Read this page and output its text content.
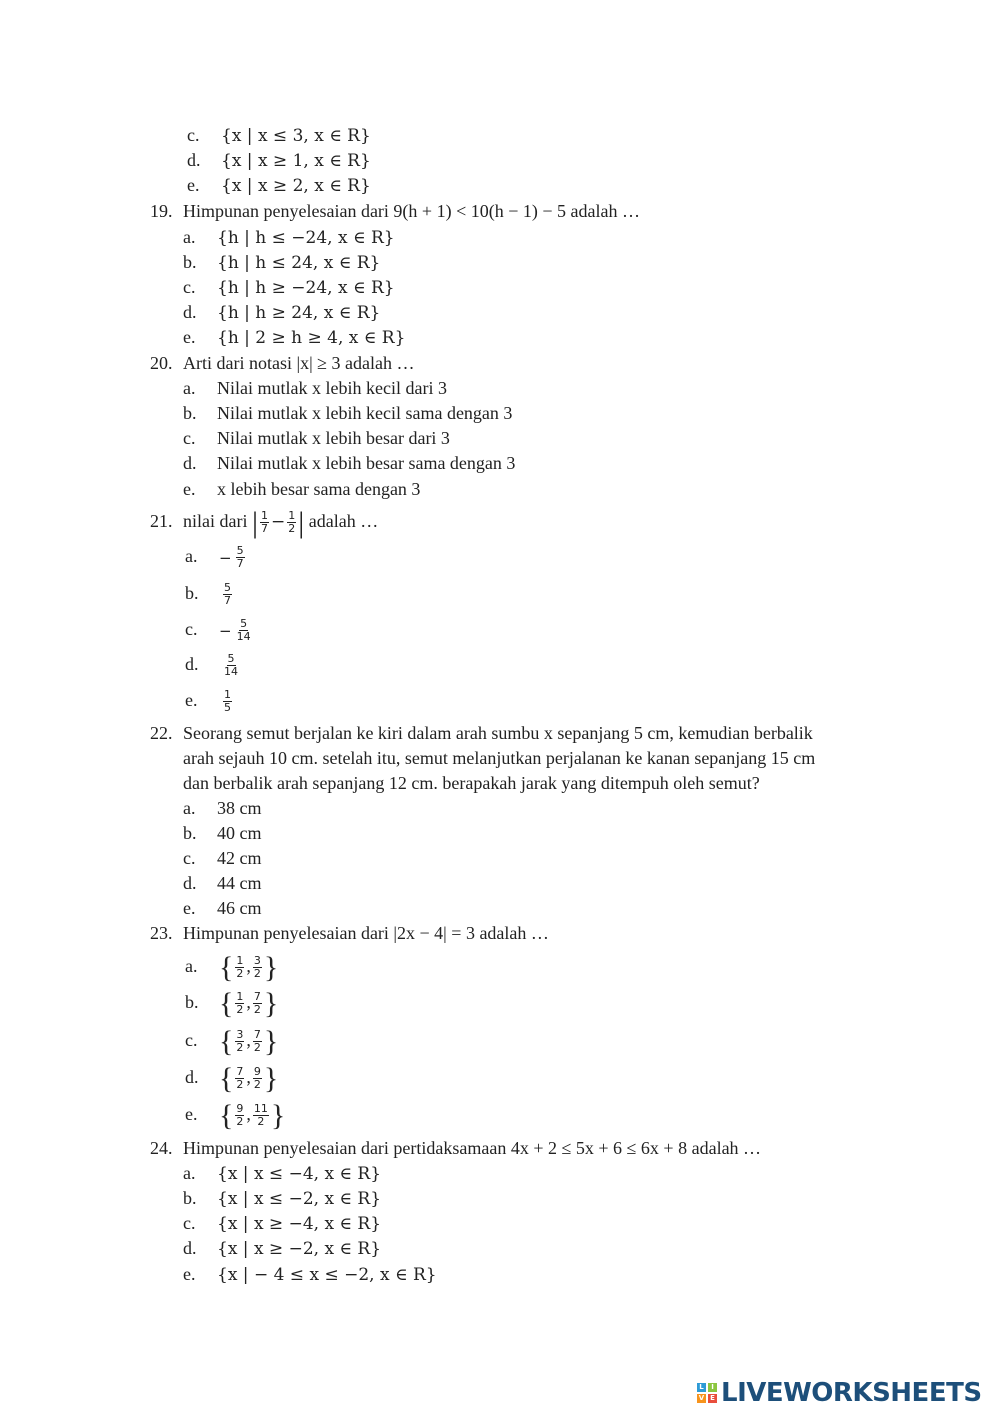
c. {x | x ≤ 3, x ∈ R}
d. {x | x ≥ 1, x ∈ R}
e. {x | x ≥ 2, x ∈ R}
19. Himpunan penyelesaian dari 9(h + 1) < 10(h − 1) − 5 adalah …
a. {h | h ≤ −24, x ∈ R}
b. {h | h ≤ 24, x ∈ R}
c. {h | h ≥ −24, x ∈ R}
d. {h | h ≥ 24, x ∈ R}
e. {h | 2 ≥ h ≥ 4, x ∈ R}
20. Arti dari notasi |x| ≥ 3 adalah …
a. Nilai mutlak x lebih kecil dari 3
b. Nilai mutlak x lebih kecil sama dengan 3
c. Nilai mutlak x lebih besar dari 3
d. Nilai mutlak x lebih besar sama dengan 3
e. x lebih besar sama dengan 3
21. nilai dari | $\frac{1}{7} - \frac{1}{2}$ | adalah …
a. − $\frac{5}{7}$
b. $\frac{5}{7}$
c. − $\frac{5}{14}$
d. $\frac{5}{14}$
e. $\frac{1}{5}$
22. Seorang semut berjalan ke kiri dalam arah sumbu x sepanjang 5 cm, kemudian berbalik
arah sejauh 10 cm. setelah itu, semut melanjutkan perjalanan ke kanan sepanjang 15 cm
dan berbalik arah sepanjang 12 cm. berapakah jarak yang ditempuh oleh semut?
a. 38 cm
b. 40 cm
c. 42 cm
d. 44 cm
e. 46 cm
23. Himpunan penyelesaian dari |2x − 4| = 3 adalah …
a. { $\frac{1}{2}$ , $\frac{3}{2}$ }
b. { $\frac{1}{2}$ , $\frac{7}{2}$ }
c. { $\frac{3}{2}$ , $\frac{7}{2}$ }
d. { $\frac{7}{2}$ , $\frac{9}{2}$ }
e. { $\frac{9}{2}$ , $\frac{11}{2}$ }
24. Himpunan penyelesaian dari pertidaksamaan 4x + 2 ≤ 5x + 6 ≤ 6x + 8 adalah …
a. {x | x ≤ −4, x ∈ R}
b. {x | x ≤ −2, x ∈ R}
c. {x | x ≥ −4, x ∈ R}
d. {x | x ≥ −2, x ∈ R}
e. {x | − 4 ≤ x ≤ −2, x ∈ R}
L	I
V E LIVEWORKSHEETS
